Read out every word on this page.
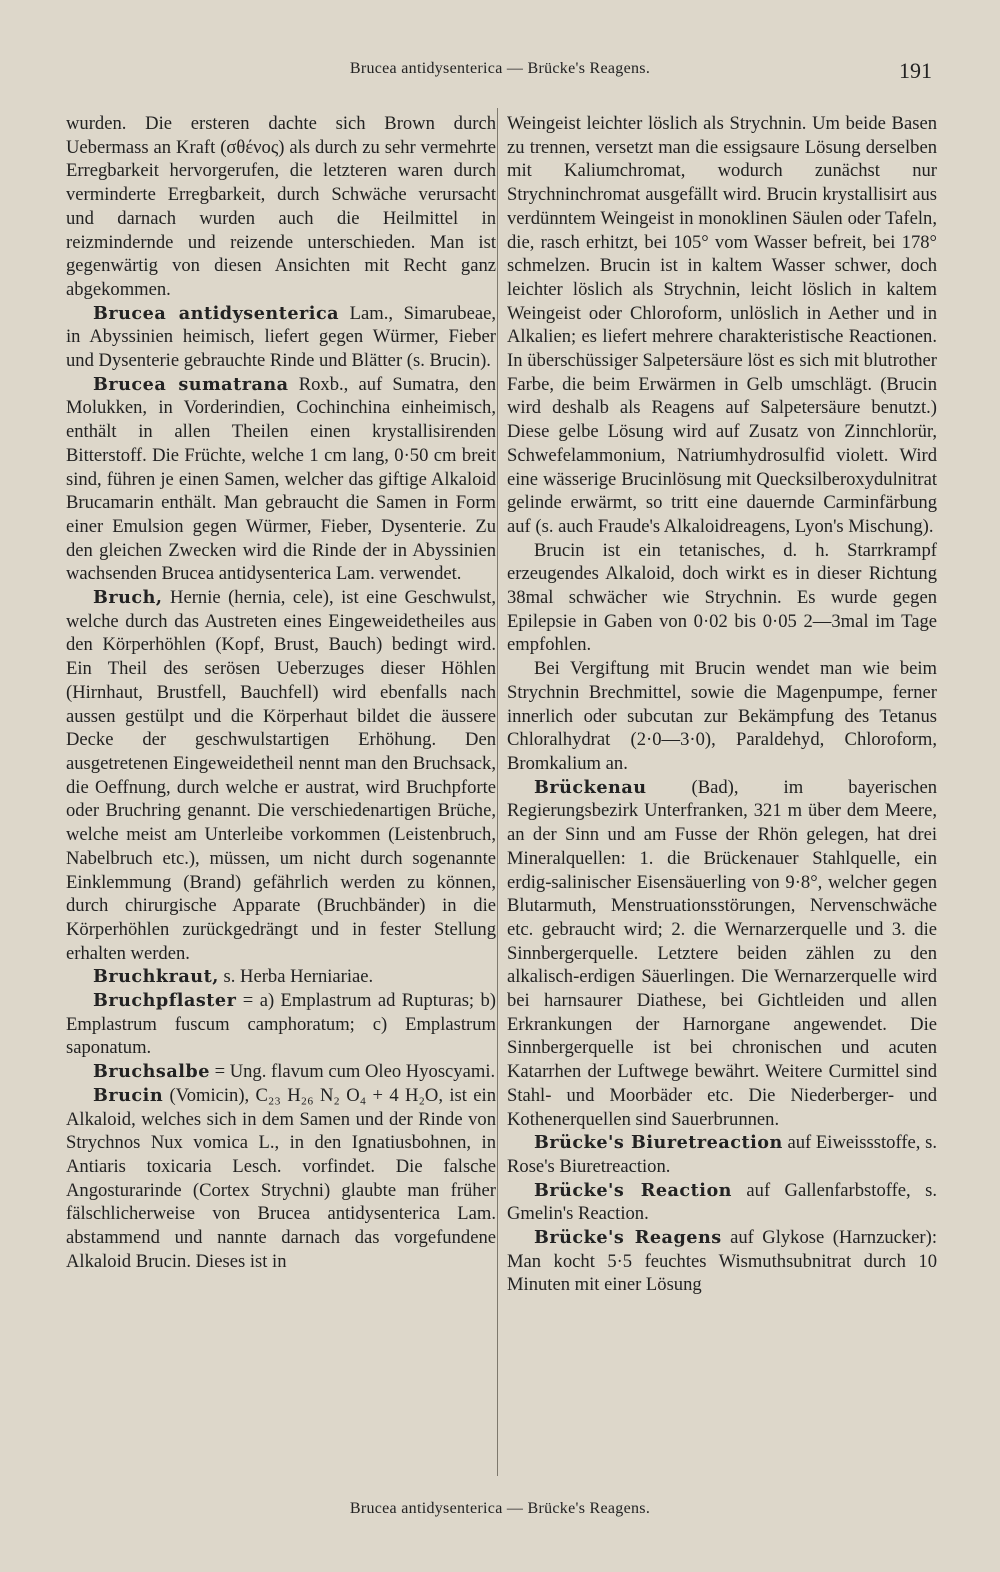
Brucea antidysenterica — Brücke's Reagens.	191

wurden. Die ersteren dachte sich Brown durch Uebermass an Kraft (σθένος) als durch zu sehr vermehrte Erregbarkeit hervorgerufen, die letzteren waren durch verminderte Erregbarkeit, durch Schwäche verursacht und darnach wurden auch die Heilmittel in reizmindernde und reizende unterschieden. Man ist gegenwärtig von diesen Ansichten mit Recht ganz abgekommen.

Brucea antidysenterica Lam., Simarubeae, in Abyssinien heimisch, liefert gegen Würmer, Fieber und Dysenterie gebrauchte Rinde und Blätter (s. Brucin).

Brucea sumatrana Roxb., auf Sumatra, den Molukken, in Vorderindien, Cochinchina einheimisch, enthält in allen Theilen einen krystallisirenden Bitterstoff. Die Früchte, welche 1 cm lang, 0·50 cm breit sind, führen je einen Samen, welcher das giftige Alkaloid Brucamarin enthält. Man gebraucht die Samen in Form einer Emulsion gegen Würmer, Fieber, Dysenterie. Zu den gleichen Zwecken wird die Rinde der in Abyssinien wachsenden Brucea antidysenterica Lam. verwendet.

Bruch, Hernie (hernia, cele), ist eine Geschwulst, welche durch das Austreten eines Eingeweidetheiles aus den Körperhöhlen (Kopf, Brust, Bauch) bedingt wird. Ein Theil des serösen Ueberzuges dieser Höhlen (Hirnhaut, Brustfell, Bauchfell) wird ebenfalls nach aussen gestülpt und die Körperhaut bildet die äussere Decke der geschwulstartigen Erhöhung. Den ausgetretenen Eingeweidetheil nennt man den Bruchsack, die Oeffnung, durch welche er austrat, wird Bruchpforte oder Bruchring genannt. Die verschiedenartigen Brüche, welche meist am Unterleibe vorkommen (Leistenbruch, Nabelbruch etc.), müssen, um nicht durch sogenannte Einklemmung (Brand) gefährlich werden zu können, durch chirurgische Apparate (Bruchbänder) in die Körperhöhlen zurückgedrängt und in fester Stellung erhalten werden.

Bruchkraut, s. Herba Herniariae.

Bruchpflaster = a) Emplastrum ad Rupturas; b) Emplastrum fuscum camphoratum; c) Emplastrum saponatum.

Bruchsalbe = Ung. flavum cum Oleo Hyoscyami.

Brucin (Vomicin), C₂₃ H₂₆ N₂ O₄ + 4 H₂O, ist ein Alkaloid, welches sich in dem Samen und der Rinde von Strychnos Nux vomica L., in den Ignatiusbohnen, in Antiaris toxicaria Lesch. vorfindet. Die falsche Angosturarinde (Cortex Strychni) glaubte man früher fälschlicherweise von Brucea antidysenterica Lam. abstammend und nannte darnach das vorgefundene Alkaloid Brucin. Dieses ist in

Weingeist leichter löslich als Strychnin. Um beide Basen zu trennen, versetzt man die essigsaure Lösung derselben mit Kaliumchromat, wodurch zunächst nur Strychninchromat ausgefällt wird. Brucin krystallisirt aus verdünntem Weingeist in monoklinen Säulen oder Tafeln, die, rasch erhitzt, bei 105° vom Wasser befreit, bei 178° schmelzen. Brucin ist in kaltem Wasser schwer, doch leichter löslich als Strychnin, leicht löslich in kaltem Weingeist oder Chloroform, unlöslich in Aether und in Alkalien; es liefert mehrere charakteristische Reactionen. In überschüssiger Salpetersäure löst es sich mit blutrother Farbe, die beim Erwärmen in Gelb umschlägt. (Brucin wird deshalb als Reagens auf Salpetersäure benutzt.) Diese gelbe Lösung wird auf Zusatz von Zinnchlorür, Schwefelammonium, Natriumhydrosulfid violett. Wird eine wässerige Brucinlösung mit Quecksilberoxydulnitrat gelinde erwärmt, so tritt eine dauernde Carminfärbung auf (s. auch Fraude's Alkaloidreagens, Lyon's Mischung).

Brucin ist ein tetanisches, d. h. Starrkrampf erzeugendes Alkaloid, doch wirkt es in dieser Richtung 38mal schwächer wie Strychnin. Es wurde gegen Epilepsie in Gaben von 0·02 bis 0·05 2—3mal im Tage empfohlen.

Bei Vergiftung mit Brucin wendet man wie beim Strychnin Brechmittel, sowie die Magenpumpe, ferner innerlich oder subcutan zur Bekämpfung des Tetanus Chloralhydrat (2·0—3·0), Paraldehyd, Chloroform, Bromkalium an.

Brückenau (Bad), im bayerischen Regierungsbezirk Unterfranken, 321 m über dem Meere, an der Sinn und am Fusse der Rhön gelegen, hat drei Mineralquellen: 1. die Brückenauer Stahlquelle, ein erdig-salinischer Eisensäuerling von 9·8°, welcher gegen Blutarmuth, Menstruationsstörungen, Nervenschwäche etc. gebraucht wird; 2. die Wernarzerquelle und 3. die Sinnbergerquelle. Letztere beiden zählen zu den alkalisch-erdigen Säuerlingen. Die Wernarzerquelle wird bei harnsaurer Diathese, bei Gichtleiden und allen Erkrankungen der Harnorgane angewendet. Die Sinnbergerquelle ist bei chronischen und acuten Katarrhen der Luftwege bewährt. Weitere Curmittel sind Stahl- und Moorbäder etc. Die Niederberger- und Kothenerquellen sind Sauerbrunnen.

Brücke's Biuretreaction auf Eiweissstoffe, s. Rose's Biuretreaction.

Brücke's Reaction auf Gallenfarbstoffe, s. Gmelin's Reaction.

Brücke's Reagens auf Glykose (Harnzucker): Man kocht 5·5 feuchtes Wismuthsubnitrat durch 10 Minuten mit einer Lösung

Brucea antidysenterica — Brücke's Reagens.
